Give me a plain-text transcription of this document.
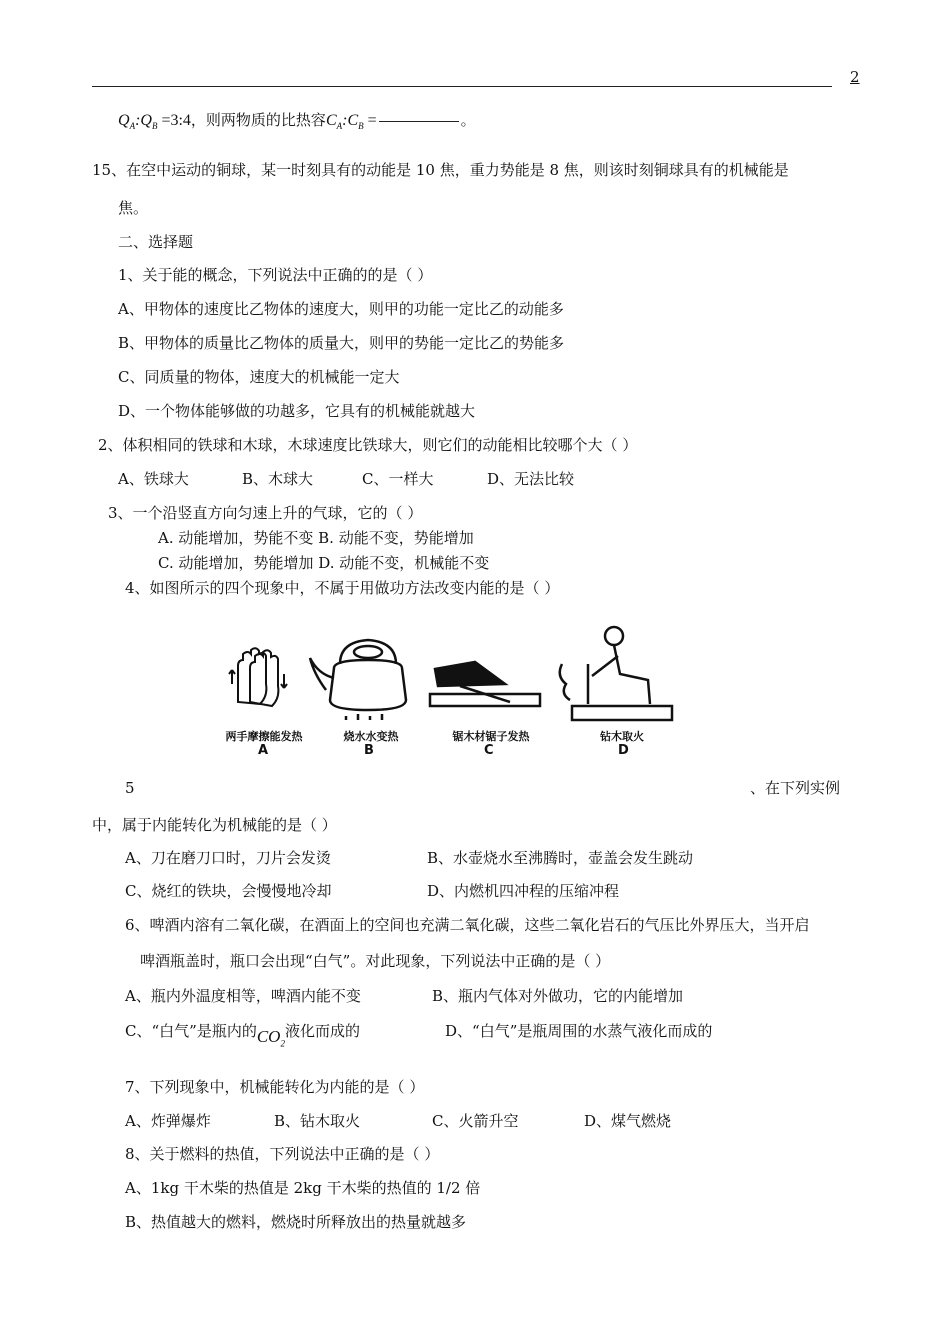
2
$Q_A:Q_B$ =3:4，则两物质的比热容$C_A:C_B$ =	。
15、在空中运动的铜球，某一时刻具有的动能是 10 焦，重力势能是 8 焦，则该时刻铜球具有的机械能是
焦。
二、选择题
1、关于能的概念，下列说法中正确的的是（ ）
A、甲物体的速度比乙物体的速度大，则甲的功能一定比乙的动能多
B、甲物体的质量比乙物体的质量大，则甲的势能一定比乙的势能多
C、同质量的物体，速度大的机械能一定大
D、一个物体能够做的功越多，它具有的机械能就越大
2、体积相同的铁球和木球，木球速度比铁球大，则它们的动能相比较哪个大（ ）
A、铁球大	B、木球大	C、一样大	D、无法比较
3、一个沿竖直方向匀速上升的气球，它的（ ）
A. 动能增加，势能不变 B. 动能不变，势能增加
C. 动能增加，势能增加 D. 动能不变，机械能不变
4、如图所示的四个现象中，不属于用做功方法改变内能的是（ ）
两手摩擦能发热	烧水水变热	锯木材锯子发热	钻木取火
A	B	C	D
5	、在下列实例
中，属于内能转化为机械能的是（ ）
A、刀在磨刀口时，刀片会发烫	B、水壶烧水至沸腾时，壶盖会发生跳动
C、烧红的铁块，会慢慢地冷却	D、内燃机四冲程的压缩冲程
6、啤酒内溶有二氧化碳，在酒面上的空间也充满二氧化碳，这些二氧化岩石的气压比外界压大，当开启
啤酒瓶盖时，瓶口会出现“白气”。对此现象，下列说法中正确的是（ ）
A、瓶内外温度相等，啤酒内能不变	B、瓶内气体对外做功，它的内能增加
C、“白气”是瓶内的$CO_2$液化而成的	D、“白气”是瓶周围的水蒸气液化而成的
7、下列现象中，机械能转化为内能的是（ ）
A、炸弹爆炸	B、钻木取火	C、火箭升空	D、煤气燃烧
8、关于燃料的热值，下列说法中正确的是（ ）
A、1kg 干木柴的热值是 2kg 干木柴的热值的 1/2 倍
B、热值越大的燃料，燃烧时所释放出的热量就越多
